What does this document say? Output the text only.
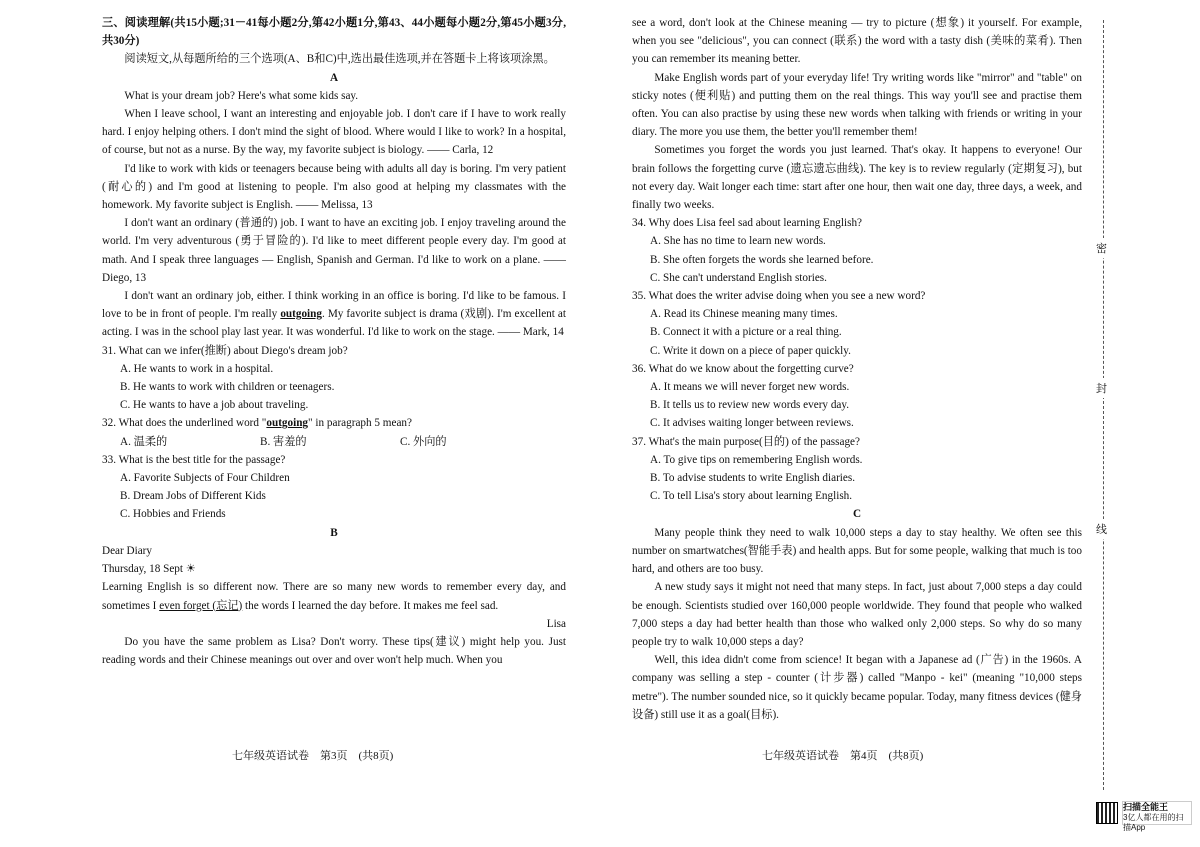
三、阅读理解(共15小题;31－41每小题2分,第42小题1分,第43、44小题每小题2分,第45小题3分,共30分)

阅读短文,从每题所给的三个选项(A、B和C)中,选出最佳选项,并在答题卡上将该项涂黑。

A

What is your dream job? Here's what some kids say.

When I leave school, I want an interesting and enjoyable job. I don't care if I have to work really hard. I enjoy helping others. I don't mind the sight of blood. Where would I like to work? In a hospital, of course, but not as a nurse. By the way, my favorite subject is biology. —— Carla, 12

I'd like to work with kids or teenagers because being with adults all day is boring. I'm very patient (耐心的) and I'm good at listening to people. I'm also good at helping my classmates with the homework. My favorite subject is English. —— Melissa, 13

I don't want an ordinary (普通的) job. I want to have an exciting job. I enjoy traveling around the world. I'm very adventurous (勇于冒险的). I'd like to meet different people every day. I'm good at math. And I speak three languages — English, Spanish and German. I'd like to work on a plane. —— Diego, 13

I don't want an ordinary job, either. I think working in an office is boring. I'd like to be famous. I love to be in front of people. I'm really outgoing. My favorite subject is drama (戏剧). I'm excellent at acting. I was in the school play last year. It was wonderful. I'd like to work on the stage. —— Mark, 14

31. What can we infer(推断) about Diego's dream job?

A. He wants to work in a hospital.

B. He wants to work with children or teenagers.

C. He wants to have a job about traveling.

32. What does the underlined word "outgoing" in paragraph 5 mean?

A. 温柔的	B. 害羞的	C. 外向的

33. What is the best title for the passage?

A. Favorite Subjects of Four Children

B. Dream Jobs of Different Kids

C. Hobbies and Friends

B

Dear Diary

Thursday, 18 Sept ☀

Learning English is so different now. There are so many new words to remember every day, and sometimes I even forget (忘记) the words I learned the day before. It makes me feel sad.

Lisa

Do you have the same problem as Lisa? Don't worry. These tips(建议) might help you. Just reading words and their Chinese meanings out over and over won't help much. When you

七年级英语试卷　第3页　(共8页)

see a word, don't look at the Chinese meaning — try to picture (想象) it yourself. For example, when you see "delicious", you can connect (联系) the word with a tasty dish (美味的菜肴). Then you can remember its meaning better.

Make English words part of your everyday life! Try writing words like "mirror" and "table" on sticky notes (便利贴) and putting them on the real things. This way you'll see and practise them often. You can also practise by using these new words when talking with friends or writing in your diary. The more you use them, the better you'll remember them!

Sometimes you forget the words you just learned. That's okay. It happens to everyone! Our brain follows the forgetting curve (遗忘遗忘曲线). The key is to review regularly (定期复习), but not every day. Wait longer each time: start after one hour, then wait one day, three days, a week, and finally two weeks.

34. Why does Lisa feel sad about learning English?

A. She has no time to learn new words.

B. She often forgets the words she learned before.

C. She can't understand English stories.

35. What does the writer advise doing when you see a new word?

A. Read its Chinese meaning many times.

B. Connect it with a picture or a real thing.

C. Write it down on a piece of paper quickly.

36. What do we know about the forgetting curve?

A. It means we will never forget new words.

B. It tells us to review new words every day.

C. It advises waiting longer between reviews.

37. What's the main purpose(目的) of the passage?

A. To give tips on remembering English words.

B. To advise students to write English diaries.

C. To tell Lisa's story about learning English.

C

Many people think they need to walk 10,000 steps a day to stay healthy. We often see this number on smartwatches(智能手表) and health apps. But for some people, walking that much is too hard, and others are too busy.

A new study says it might not need that many steps. In fact, just about 7,000 steps a day could be enough. Scientists studied over 160,000 people worldwide. They found that people who walked 7,000 steps a day had better health than those who walked only 2,000 steps. So why do so many people try to walk 10,000 steps a day?

Well, this idea didn't come from science! It began with a Japanese ad (广告) in the 1960s. A company was selling a step - counter (计步器) called "Manpo - kei" (meaning "10,000 steps metre"). The number sounded nice, so it quickly became popular. Today, many fitness devices (健身设备) still use it as a goal(目标).

七年级英语试卷　第4页　(共8页)
密
封
线
扫描全能王
3亿人都在用的扫描App
